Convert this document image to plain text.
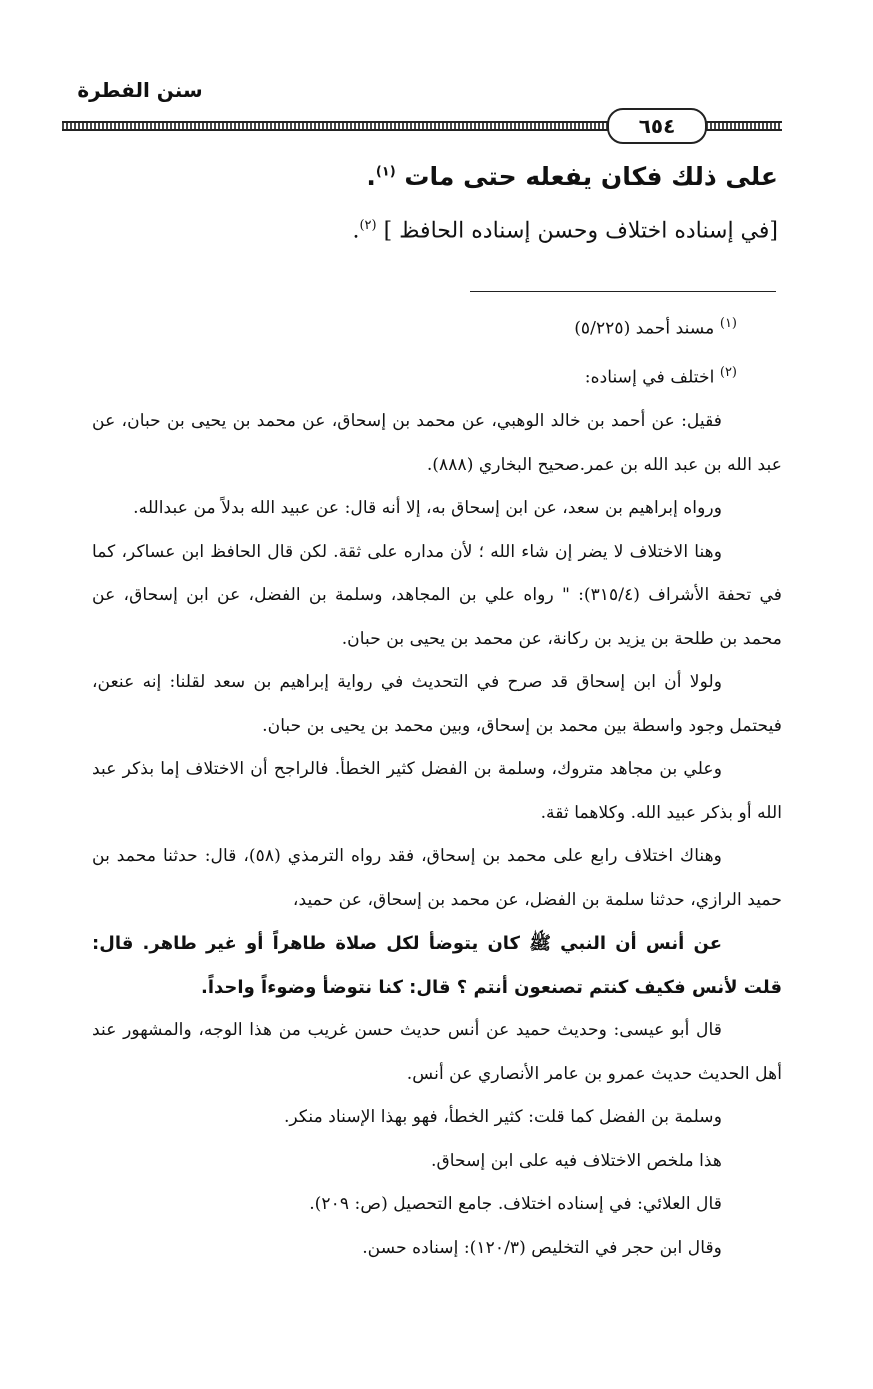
سنن الفطرة
٦٥٤
على ذلك فكان يفعله حتى مات $^{(١)}$.
[في إسناده اختلاف وحسن إسناده الحافظ ] $^{(٢)}$.

$^{(١)}$ مسند أحمد (٥/٢٢٥)

$^{(٢)}$ اختلف في إسناده:

فقيل: عن أحمد بن خالد الوهبي، عن محمد بن إسحاق، عن محمد بن يحيى بن حبان، عن عبد الله بن عبد الله بن عمر.صحيح البخاري (٨٨٨).

ورواه إبراهيم بن سعد، عن ابن إسحاق به، إلا أنه قال: عن عبيد الله بدلاً من عبدالله.

وهنا الاختلاف لا يضر إن شاء الله ؛ لأن مداره على ثقة. لكن قال الحافظ ابن عساكر، كما في تحفة الأشراف (٣١٥/٤): " رواه علي بن المجاهد، وسلمة بن الفضل، عن ابن إسحاق، عن محمد بن طلحة بن يزيد بن ركانة، عن محمد بن يحيى بن حبان.

ولولا أن ابن إسحاق قد صرح في التحديث في رواية إبراهيم بن سعد لقلنا: إنه عنعن، فيحتمل وجود واسطة بين محمد بن إسحاق، وبين محمد بن يحيى بن حبان.

وعلي بن مجاهد متروك، وسلمة بن الفضل كثير الخطأ. فالراجح أن الاختلاف إما بذكر عبد الله أو بذكر عبيد الله. وكلاهما ثقة.

وهناك اختلاف رابع على محمد بن إسحاق، فقد رواه الترمذي (٥٨)، قال: حدثنا محمد بن حميد الرازي، حدثنا سلمة بن الفضل، عن محمد بن إسحاق، عن حميد،

عن أنس أن النبي ﷺ كان يتوضأ لكل صلاة طاهراً أو غير طاهر. قال: قلت لأنس فكيف كنتم تصنعون أنتم ؟ قال: كنا نتوضأ وضوءاً واحداً.

قال أبو عيسى: وحديث حميد عن أنس حديث حسن غريب من هذا الوجه، والمشهور عند أهل الحديث حديث عمرو بن عامر الأنصاري عن أنس.

وسلمة بن الفضل كما قلت: كثير الخطأ، فهو بهذا الإسناد منكر.

هذا ملخص الاختلاف فيه على ابن إسحاق.

قال العلائي: في إسناده اختلاف. جامع التحصيل (ص: ٢٠٩).

وقال ابن حجر في التخليص (١٢٠/٣): إسناده حسن.
